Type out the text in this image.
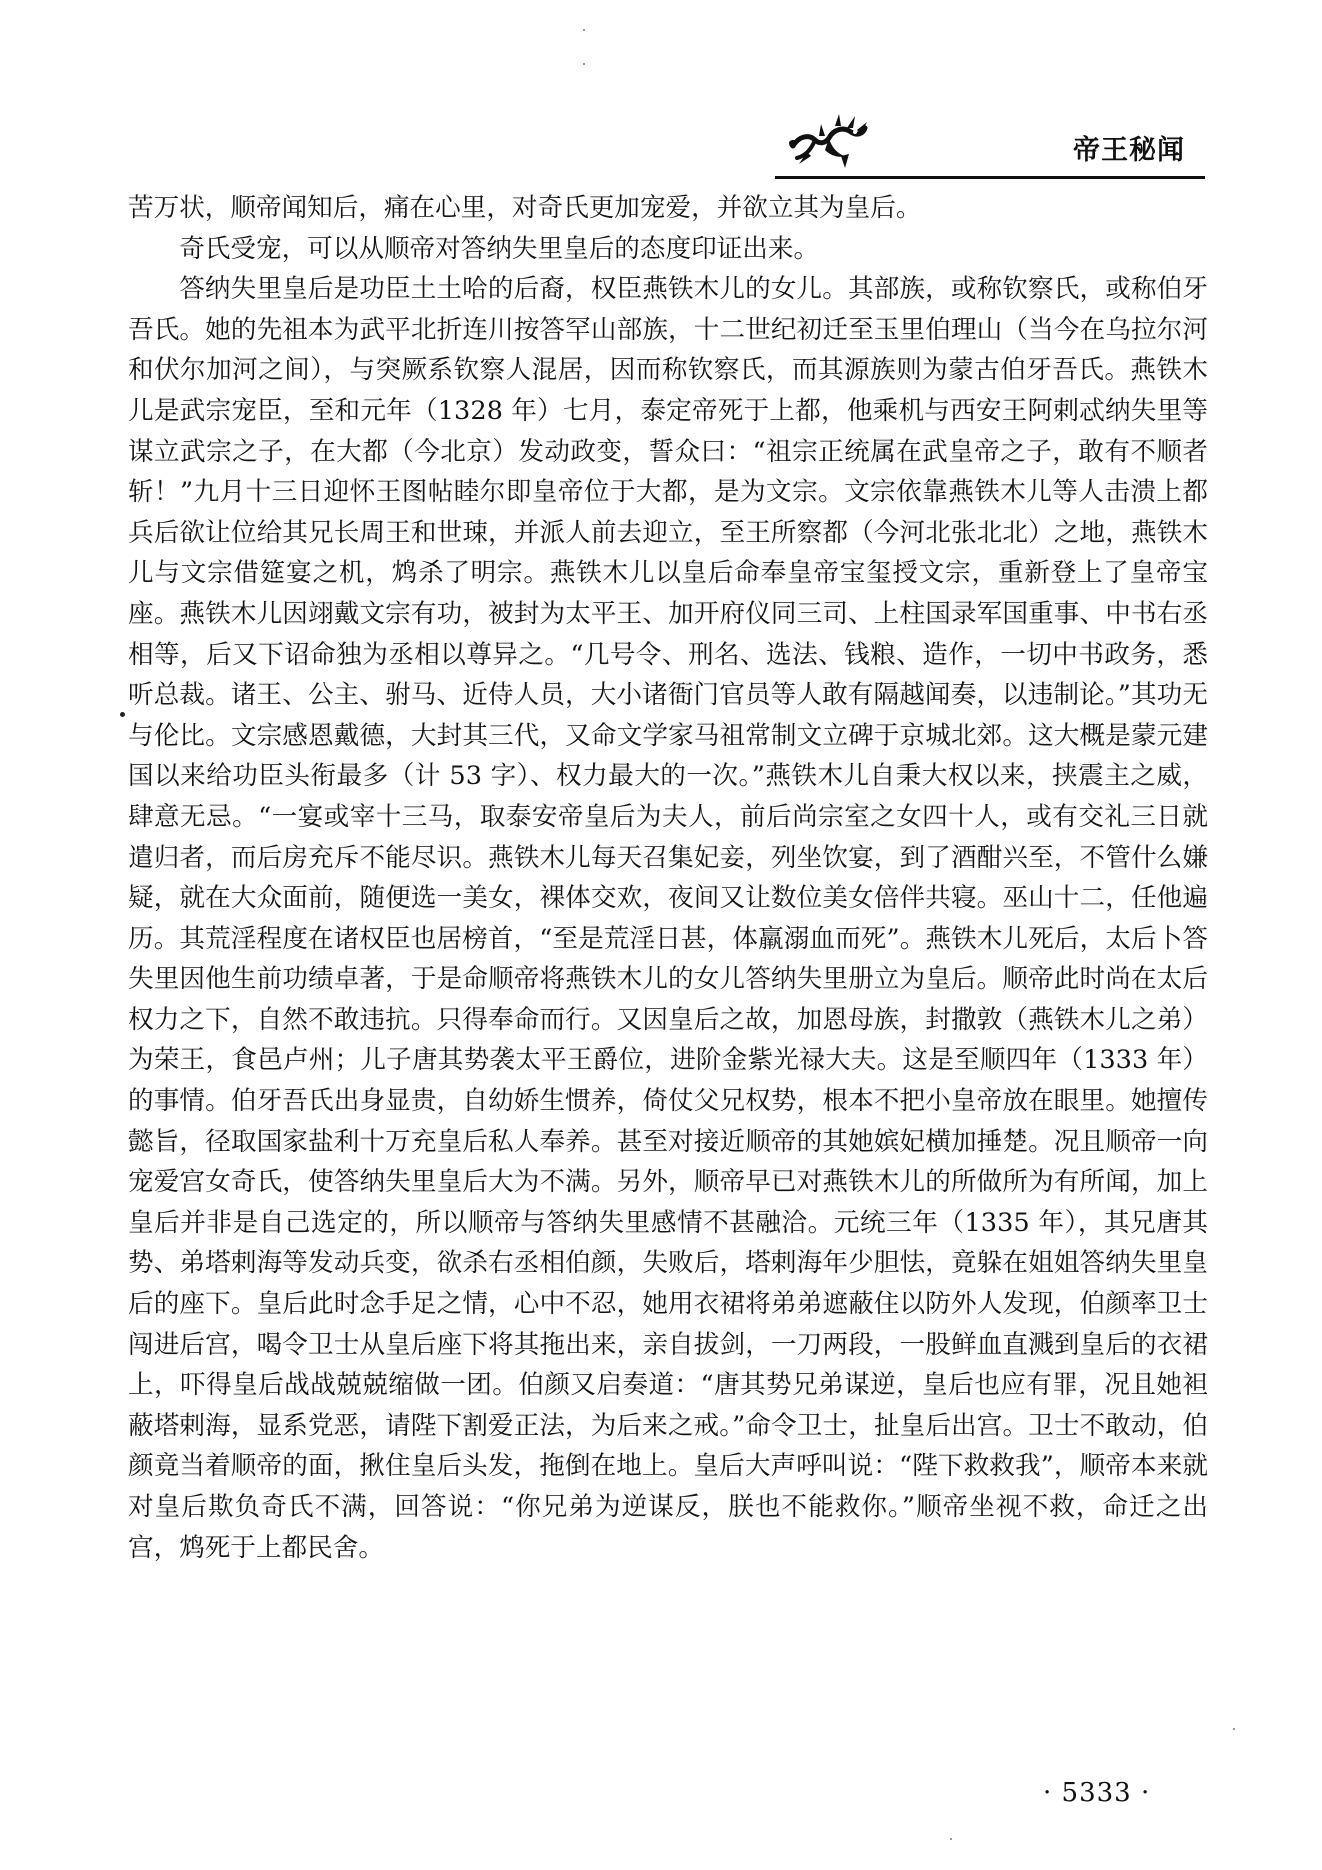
帝王秘闻

苦万状，顺帝闻知后，痛在心里，对奇氏更加宠爱，并欲立其为皇后。

奇氏受宠，可以从顺帝对答纳失里皇后的态度印证出来。

答纳失里皇后是功臣土土哈的后裔，权臣燕铁木儿的女儿。其部族，或称钦察氏，或称伯牙吾氏。她的先祖本为武平北折连川按答罕山部族，十二世纪初迁至玉里伯理山（当今在乌拉尔河和伏尔加河之间），与突厥系钦察人混居，因而称钦察氏，而其源族则为蒙古伯牙吾氏。燕铁木儿是武宗宠臣，至和元年（1328 年）七月，泰定帝死于上都，他乘机与西安王阿剌忒纳失里等谋立武宗之子，在大都（今北京）发动政变，誓众曰：“祖宗正统属在武皇帝之子，敢有不顺者斩！”九月十三日迎怀王图帖睦尔即皇帝位于大都，是为文宗。文宗依靠燕铁木儿等人击溃上都兵后欲让位给其兄长周王和世㻋，并派人前去迎立，至王所察都（今河北张北北）之地，燕铁木儿与文宗借筵宴之机，鸩杀了明宗。燕铁木儿以皇后命奉皇帝宝玺授文宗，重新登上了皇帝宝座。燕铁木儿因翊戴文宗有功，被封为太平王、加开府仪同三司、上柱国录军国重事、中书右丞相等，后又下诏命独为丞相以尊异之。“几号令、刑名、选法、钱粮、造作，一切中书政务，悉听总裁。诸王、公主、驸马、近侍人员，大小诸衙门官员等人敢有隔越闻奏，以违制论。”其功无与伦比。文宗感恩戴德，大封其三代，又命文学家马祖常制文立碑于京城北郊。这大概是蒙元建国以来给功臣头衔最多（计 53 字）、权力最大的一次。”燕铁木儿自秉大权以来，挟震主之威，肆意无忌。“一宴或宰十三马，取泰安帝皇后为夫人，前后尚宗室之女四十人，或有交礼三日就遣归者，而后房充斥不能尽识。燕铁木儿每天召集妃妾，列坐饮宴，到了酒酣兴至，不管什么嫌疑，就在大众面前，随便选一美女，裸体交欢，夜间又让数位美女倍伴共寝。巫山十二，任他遍历。其荒淫程度在诸权臣也居榜首，“至是荒淫日甚，体羸溺血而死”。燕铁木儿死后，太后卜答失里因他生前功绩卓著，于是命顺帝将燕铁木儿的女儿答纳失里册立为皇后。顺帝此时尚在太后权力之下，自然不敢违抗。只得奉命而行。又因皇后之故，加恩母族，封撒敦（燕铁木儿之弟）为荣王，食邑卢州；儿子唐其势袭太平王爵位，进阶金紫光禄大夫。这是至顺四年（1333 年）的事情。伯牙吾氏出身显贵，自幼娇生惯养，倚仗父兄权势，根本不把小皇帝放在眼里。她擅传懿旨，径取国家盐利十万充皇后私人奉养。甚至对接近顺帝的其她嫔妃横加捶楚。况且顺帝一向宠爱宫女奇氏，使答纳失里皇后大为不满。另外，顺帝早已对燕铁木儿的所做所为有所闻，加上皇后并非是自己选定的，所以顺帝与答纳失里感情不甚融洽。元统三年（1335 年），其兄唐其势、弟塔剌海等发动兵变，欲杀右丞相伯颜，失败后，塔剌海年少胆怯，竟躲在姐姐答纳失里皇后的座下。皇后此时念手足之情，心中不忍，她用衣裙将弟弟遮蔽住以防外人发现，伯颜率卫士闯进后宫，喝令卫士从皇后座下将其拖出来，亲自拔剑，一刀两段，一股鲜血直溅到皇后的衣裙上，吓得皇后战战兢兢缩做一团。伯颜又启奏道：“唐其势兄弟谋逆，皇后也应有罪，况且她袒蔽塔剌海，显系党恶，请陛下割爱正法，为后来之戒。”命令卫士，扯皇后出宫。卫士不敢动，伯颜竟当着顺帝的面，揪住皇后头发，拖倒在地上。皇后大声呼叫说：“陛下救救我”，顺帝本来就对皇后欺负奇氏不满，回答说：“你兄弟为逆谋反，朕也不能救你。”顺帝坐视不救，命迁之出宫，鸩死于上都民舍。

· 5333 ·
